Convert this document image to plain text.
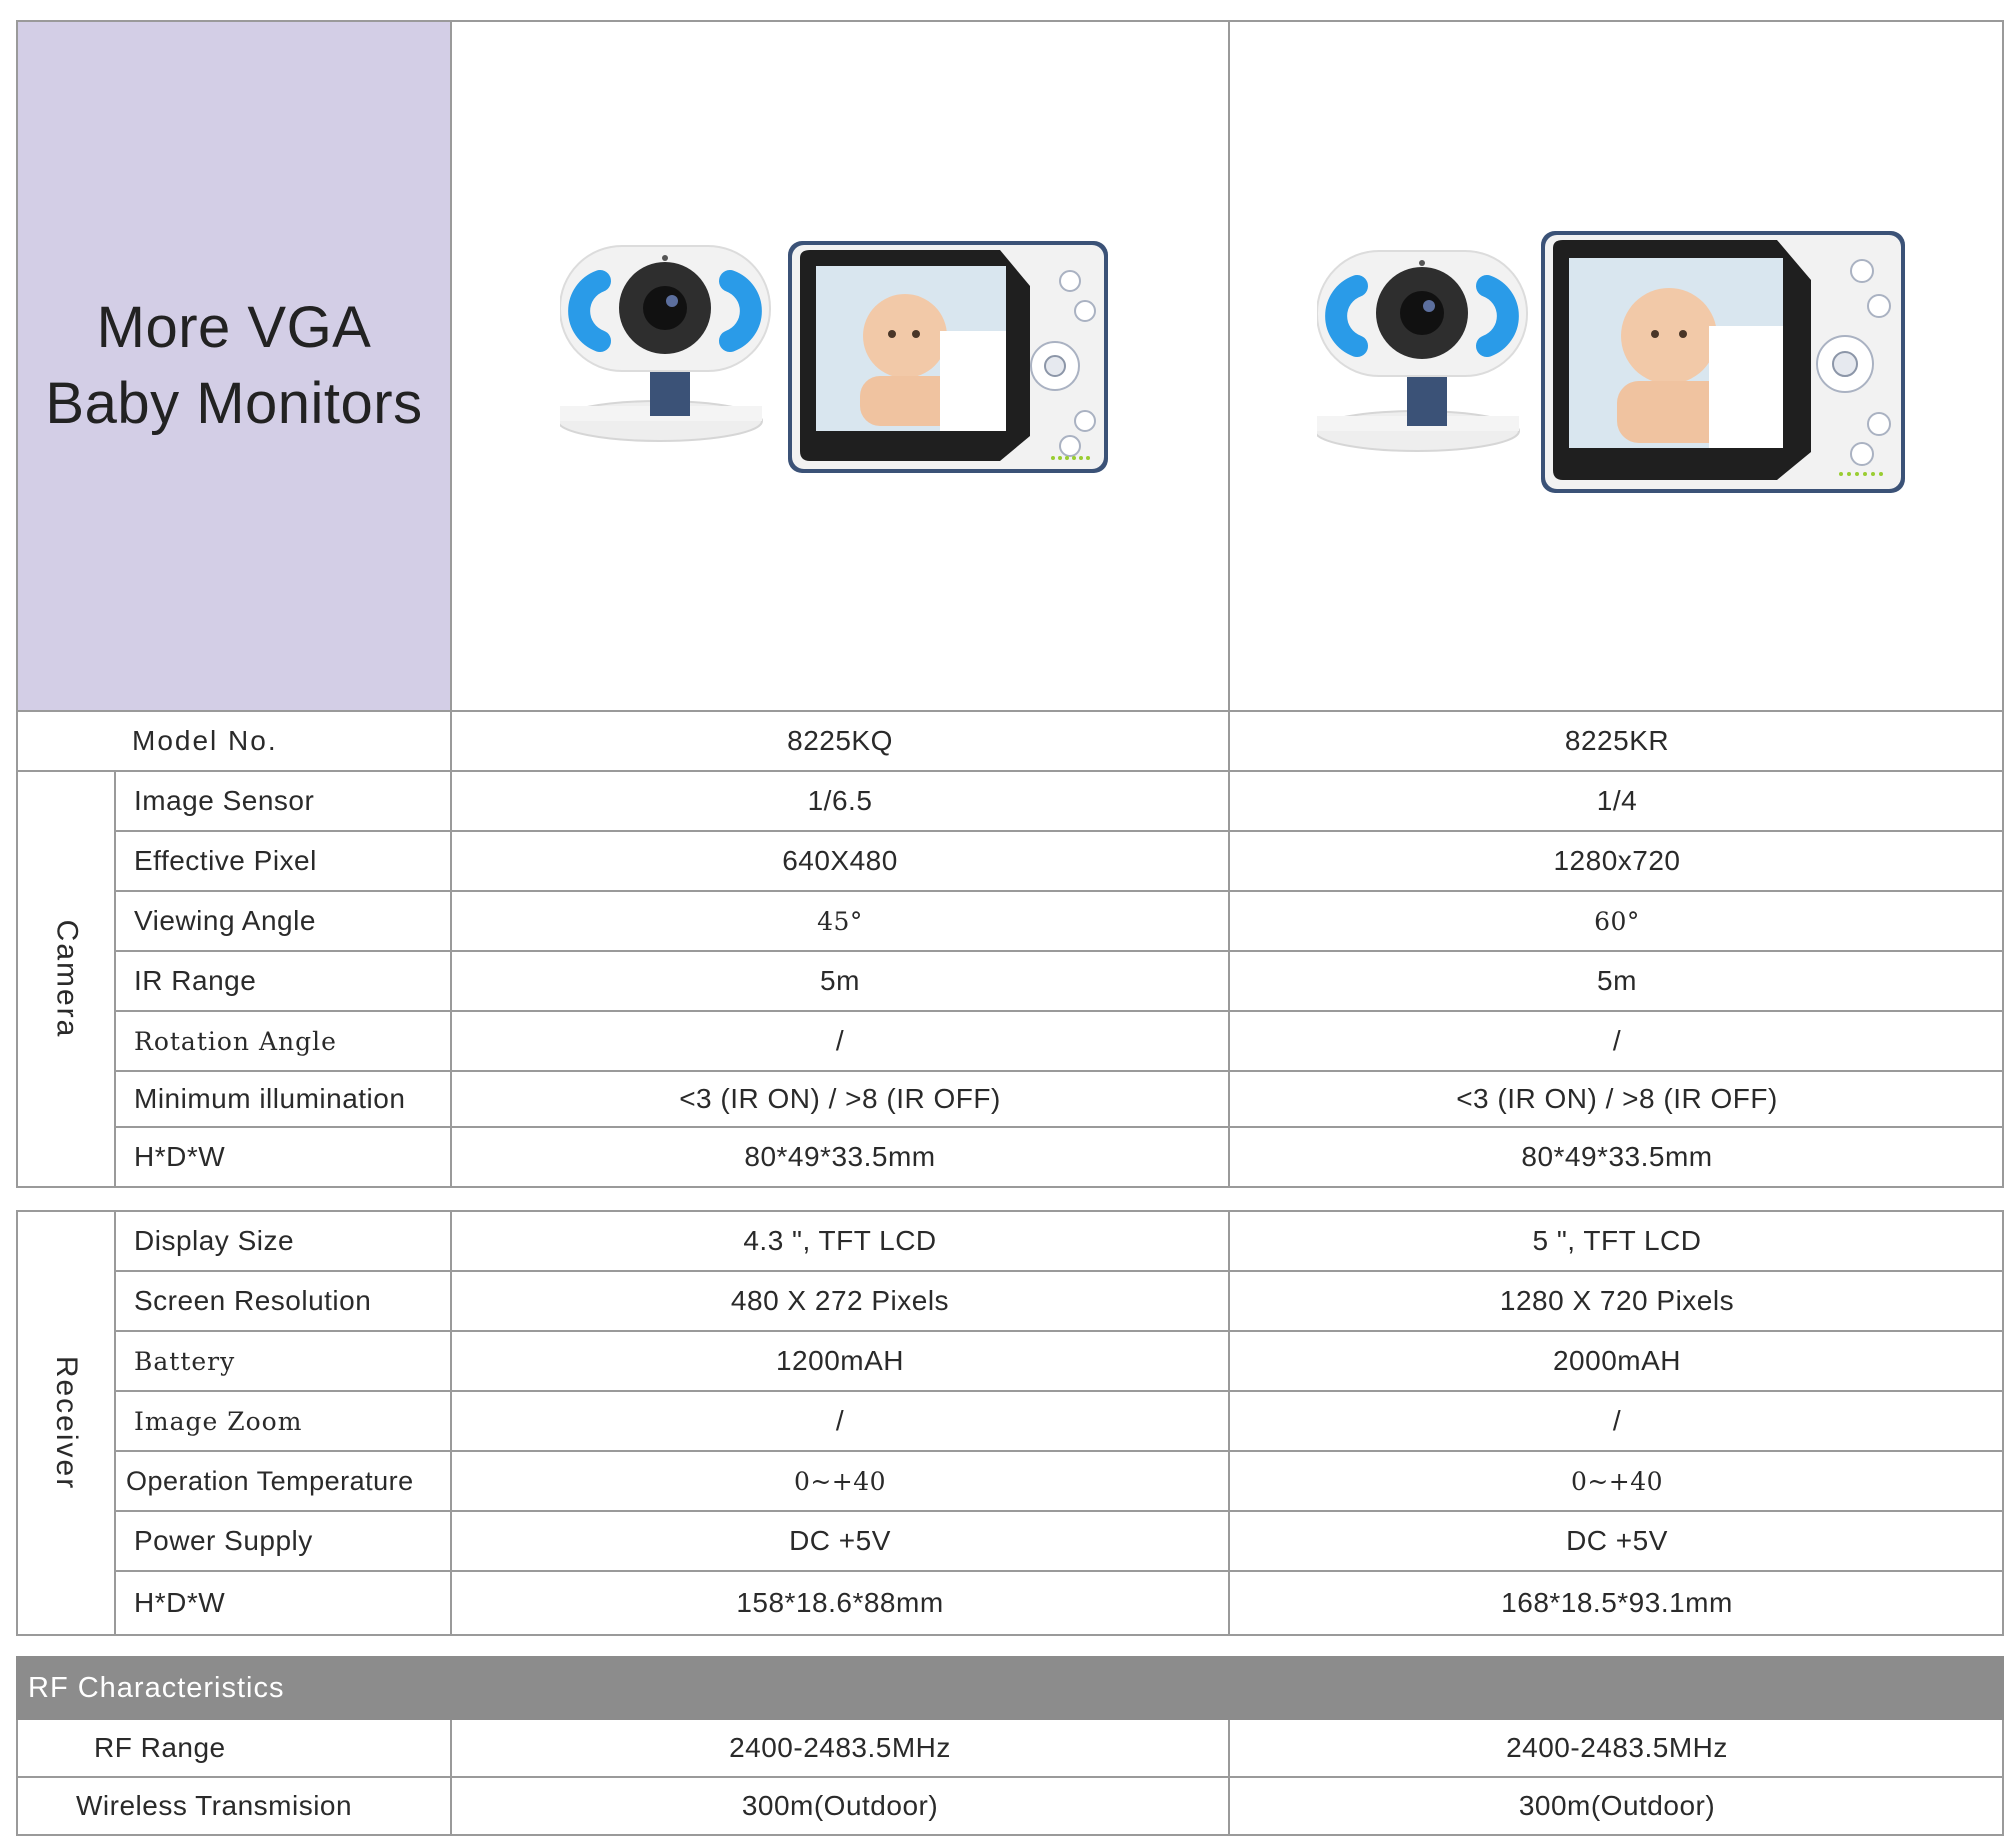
More VGA
Baby Monitors
Model No.	8225KQ	8225KR
Camera
Image Sensor	1/6.5	1/4
Effective Pixel	640X480	1280x720
Viewing Angle	45°	60°
IR Range	5m	5m
Rotation Angle	/	/
Minimum illumination	<3 (IR ON) / >8 (IR OFF)	<3 (IR ON) / >8 (IR OFF)
H*D*W	80*49*33.5mm	80*49*33.5mm
Receiver
Display Size	4.3 ", TFT LCD	5 ", TFT LCD
Screen Resolution	480 X 272 Pixels	1280 X 720 Pixels
Battery	1200mAH	2000mAH
Image Zoom	/	/
Operation Temperature	0~+40	0~+40
Power Supply	DC +5V	DC +5V
H*D*W	158*18.6*88mm	168*18.5*93.1mm
RF Characteristics
RF Range	2400-2483.5MHz	2400-2483.5MHz
Wireless Transmision	300m(Outdoor)	300m(Outdoor)
